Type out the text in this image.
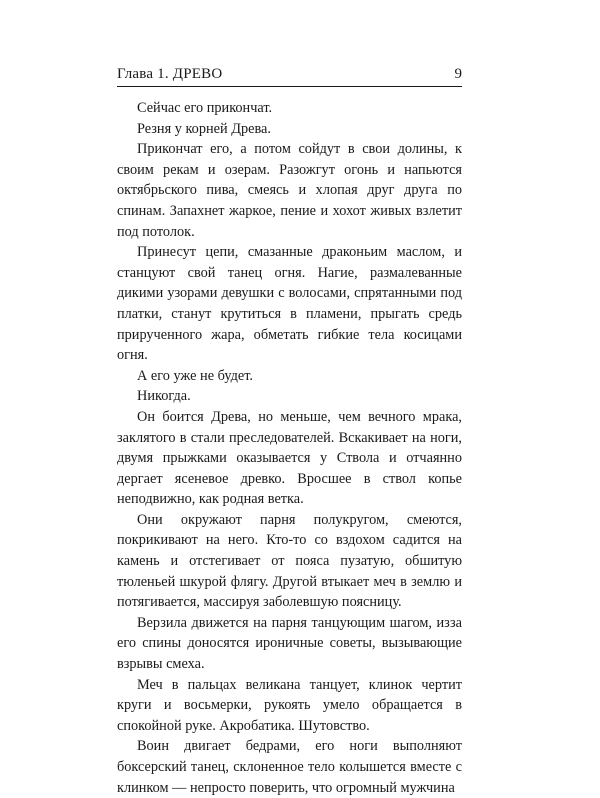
Глава 1. ДРЕВО	9

Сейчас его прикончат.

Резня у корней Древа.

Прикончат его, а потом сойдут в свои долины, к своим рекам и озерам. Разожгут огонь и напьются октябрьского пива, смеясь и хлопая друг друга по спинам. Запахнет жаркое, пение и хохот живых взлетит под потолок.

Принесут цепи, смазанные драконьим маслом, и станцуют свой танец огня. Нагие, размалеванные дикими узорами девушки с волосами, спрятанными под платки, станут крутиться в пламени, прыгать средь прирученного жара, обметать гибкие тела косицами огня.

А его уже не будет.

Никогда.

Он боится Древа, но меньше, чем вечного мрака, заклятого в стали преследователей. Вскакивает на ноги, двумя прыжками оказывается у Ствола и отчаянно дергает ясеневое древко. Вросшее в ствол копье неподвижно, как родная ветка.

Они окружают парня полукругом, смеются, покрикивают на него. Кто-то со вздохом садится на камень и отстегивает от пояса пузатую, обшитую тюленьей шкурой флягу. Другой втыкает меч в землю и потягивается, массируя заболевшую поясницу.

Верзила движется на парня танцующим шагом, изза его спины доносятся ироничные советы, вызывающие взрывы смеха.

Меч в пальцах великана танцует, клинок чертит круги и восьмерки, рукоять умело обращается в спокойной руке. Акробатика. Шутовство.

Воин двигает бедрами, его ноги выполняют боксерский танец, склоненное тело колышется вместе с клинком — непросто поверить, что огромный мужчина
